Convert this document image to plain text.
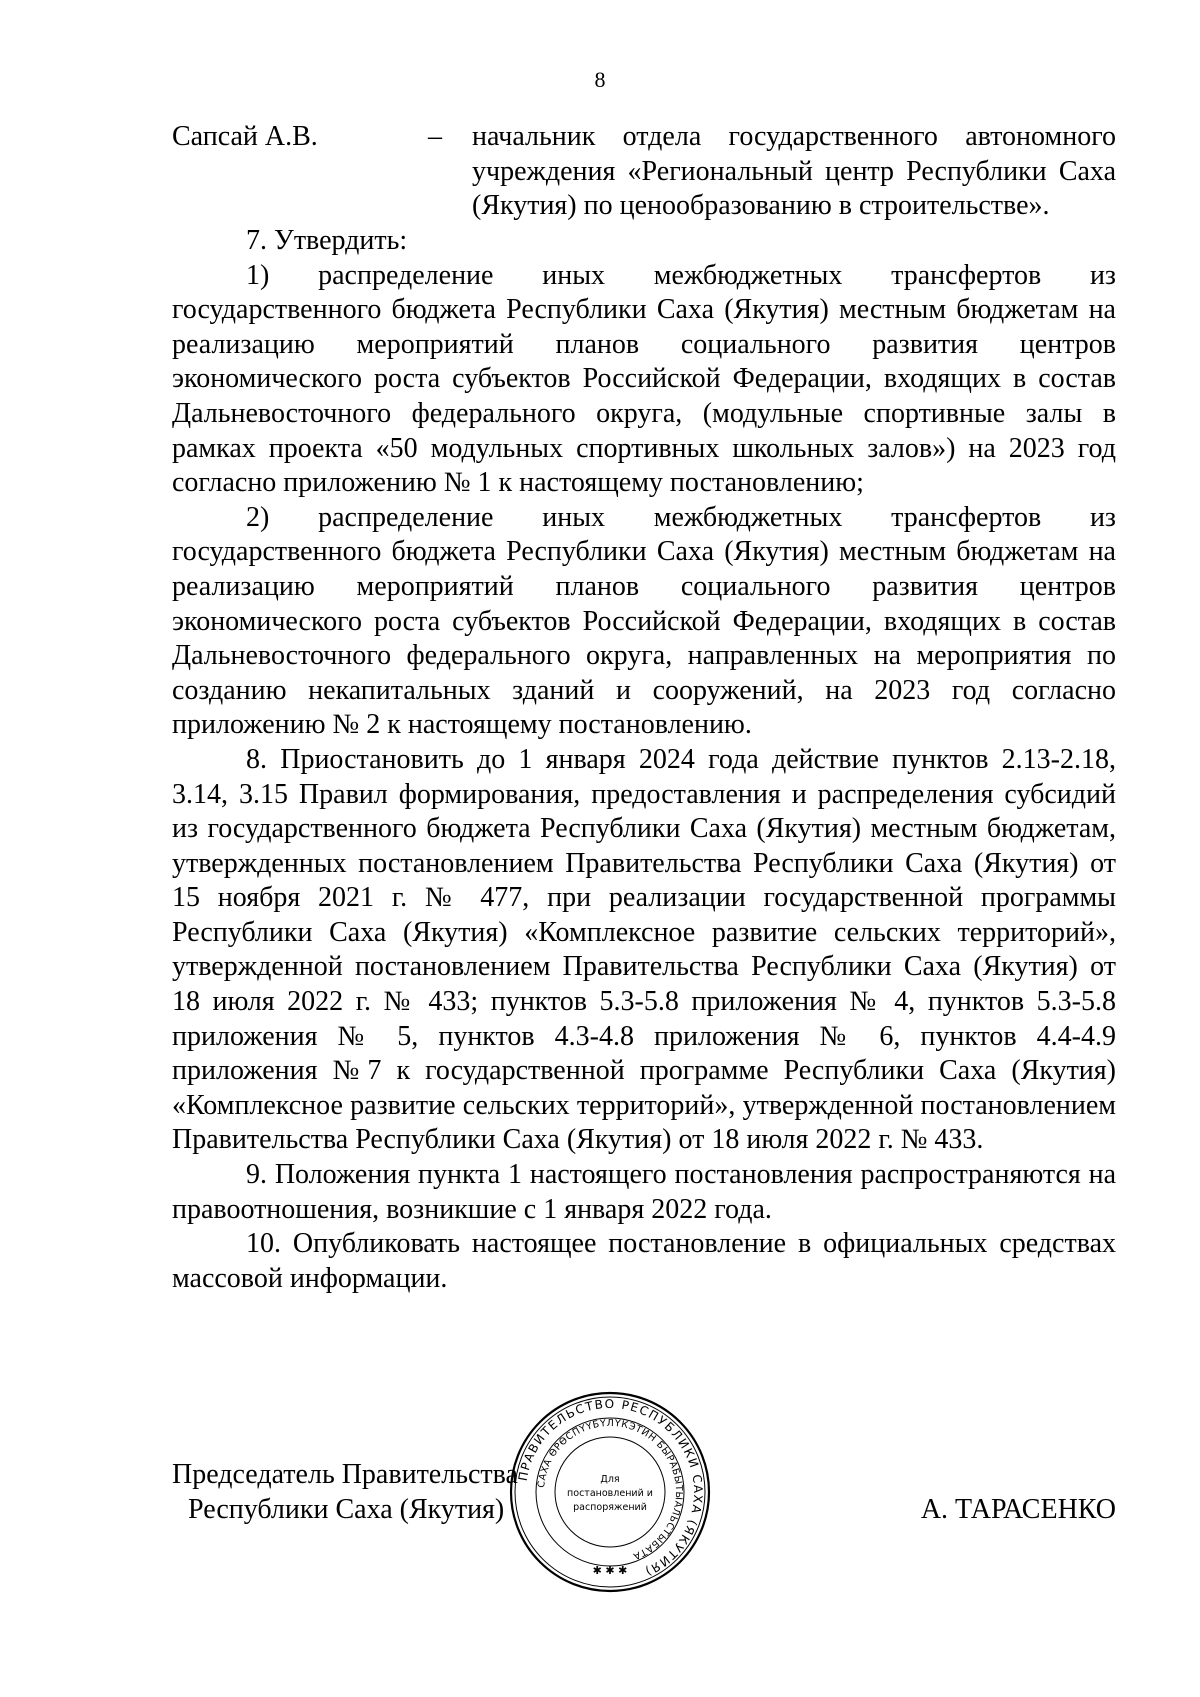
8
Сапсай А.В.	– начальник отдела государственного автономного учреждения «Региональный центр Республики Саха (Якутия) по ценообразованию в строительстве».

7. Утвердить:

1) распределение иных межбюджетных трансфертов из государственного бюджета Республики Саха (Якутия) местным бюджетам на реализацию мероприятий планов социального развития центров экономического роста субъектов Российской Федерации, входящих в состав Дальневосточного федерального округа, (модульные спортивные залы в рамках проекта «50 модульных спортивных школьных залов») на 2023 год согласно приложению № 1 к настоящему постановлению;

2) распределение иных межбюджетных трансфертов из государственного бюджета Республики Саха (Якутия) местным бюджетам на реализацию мероприятий планов социального развития центров экономического роста субъектов Российской Федерации, входящих в состав Дальневосточного федерального округа, направленных на мероприятия по созданию некапитальных зданий и сооружений, на 2023 год согласно приложению № 2 к настоящему постановлению.

8. Приостановить до 1 января 2024 года действие пунктов 2.13-2.18, 3.14, 3.15 Правил формирования, предоставления и распределения субсидий из государственного бюджета Республики Саха (Якутия) местным бюджетам, утвержденных постановлением Правительства Республики Саха (Якутия) от 15 ноября 2021 г. № 477, при реализации государственной программы Республики Саха (Якутия) «Комплексное развитие сельских территорий», утвержденной постановлением Правительства Республики Саха (Якутия) от 18 июля 2022 г. № 433; пунктов 5.3-5.8 приложения № 4, пунктов 5.3-5.8 приложения № 5, пунктов 4.3-4.8 приложения № 6, пунктов 4.4-4.9 приложения №7 к государственной программе Республики Саха (Якутия) «Комплексное развитие сельских территорий», утвержденной постановлением Правительства Республики Саха (Якутия) от 18 июля 2022 г. № 433.

9. Положения пункта 1 настоящего постановления распространяются на правоотношения, возникшие с 1 января 2022 года.

10. Опубликовать настоящее постановление в официальных средствах массовой информации.

ПРАВИТЕЛЬСТВО РЕСПУБЛИКИ САХА (ЯКУТИЯ)
САХА ӨРӨСПҮҮБҮЛҮКЭТИН БЫРАБЫТЫАЛЬСТЫБАТА
Для
постановлений и
распоряжений
✱ ✱ ✱
Председатель Правительства
Республики Саха (Якутия)	А. ТАРАСЕНКО
